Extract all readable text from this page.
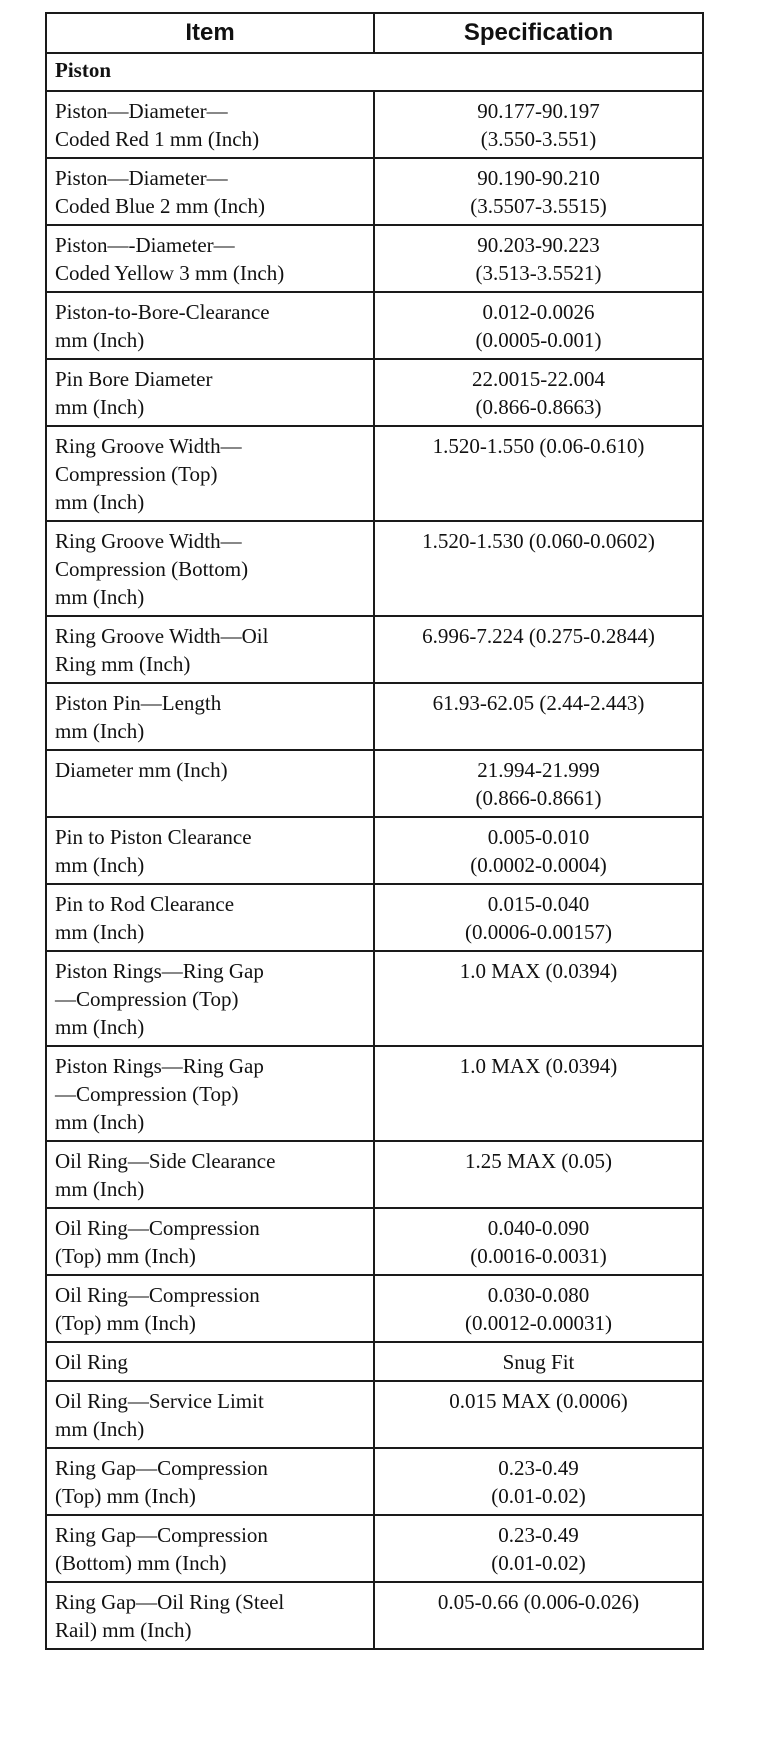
Item	Specification
Piston	
Piston—Diameter—
Coded Red 1 mm (Inch)	90.177-90.197
(3.550-3.551)
Piston—Diameter—
Coded Blue 2 mm (Inch)	90.190-90.210
(3.5507-3.5515)
Piston—-Diameter—
Coded Yellow 3 mm (Inch)	90.203-90.223
(3.513-3.5521)
Piston-to-Bore-Clearance
mm (Inch)	0.012-0.0026
(0.0005-0.001)
Pin Bore Diameter
mm (Inch)	22.0015-22.004
(0.866-0.8663)
Ring Groove Width—
Compression (Top)
mm (Inch)	1.520-1.550 (0.06-0.610)
Ring Groove Width—
Compression (Bottom)
mm (Inch)	1.520-1.530 (0.060-0.0602)
Ring Groove Width—Oil
Ring mm (Inch)	6.996-7.224 (0.275-0.2844)
Piston Pin—Length
mm (Inch)	61.93-62.05 (2.44-2.443)
Diameter mm (Inch)	21.994-21.999
(0.866-0.8661)
Pin to Piston Clearance
mm (Inch)	0.005-0.010
(0.0002-0.0004)
Pin to Rod Clearance
mm (Inch)	0.015-0.040
(0.0006-0.00157)
Piston Rings—Ring Gap
—Compression (Top)
mm (Inch)	1.0 MAX (0.0394)
Piston Rings—Ring Gap
—Compression (Top)
mm (Inch)	1.0 MAX (0.0394)
Oil Ring—Side Clearance
mm (Inch)	1.25 MAX (0.05)
Oil Ring—Compression
(Top) mm (Inch)	0.040-0.090
(0.0016-0.0031)
Oil Ring—Compression
(Top) mm (Inch)	0.030-0.080
(0.0012-0.00031)
Oil Ring	Snug Fit
Oil Ring—Service Limit
mm (Inch)	0.015 MAX (0.0006)
Ring Gap—Compression
(Top) mm (Inch)	0.23-0.49
(0.01-0.02)
Ring Gap—Compression
(Bottom) mm (Inch)	0.23-0.49
(0.01-0.02)
Ring Gap—Oil Ring (Steel
Rail) mm (Inch)	0.05-0.66 (0.006-0.026)
